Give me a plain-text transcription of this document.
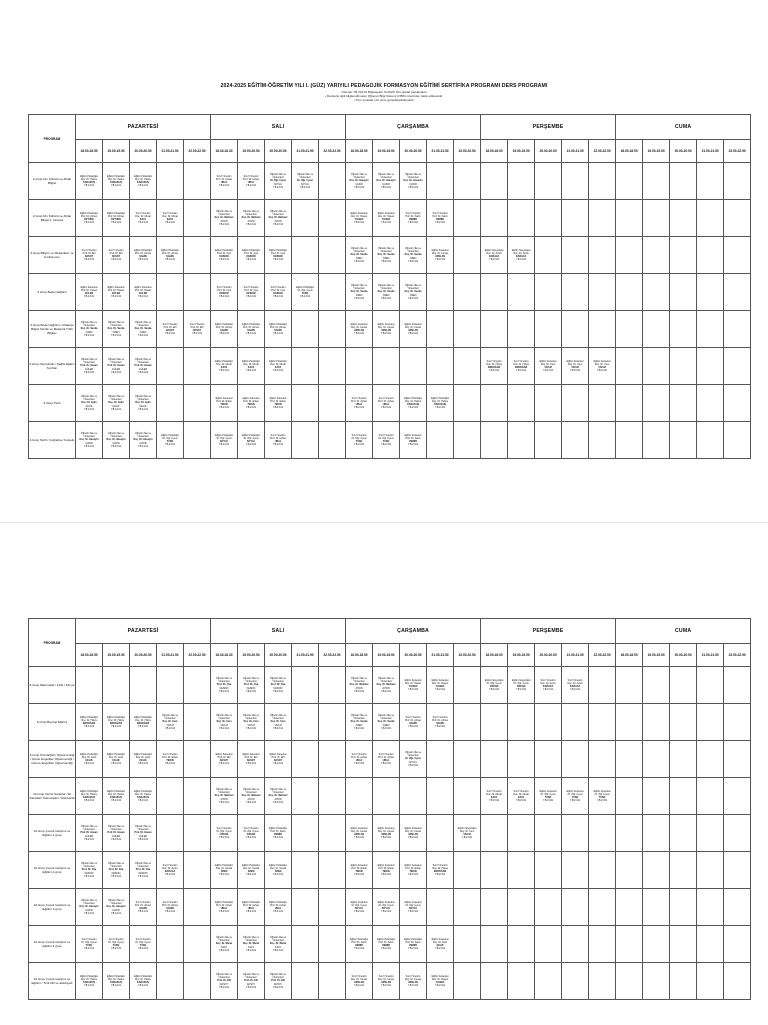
2024-2025 EĞİTİM-ÖĞRETİM YILI I. (GÜZ) YARIYILI PEDAGOJİK FORMASYON EĞİTİMİ SERTİFİKA PROGRAMI DERS PROGRAMI
• Dersler YB (5)101 Bilgisayarlı Sınıf/ZZ.101 olarak yapılacaktır.
• Derslerle ilgili bilgilendirmeler Öğrenci Bilgi Sistemi (OBS) üzerinden takip edilecektir.
• Tüm sınavlar yüz yüze gerçekleştirilecektir.
PROGRAM	PAZARTESİ					SALI					ÇARŞAMBA					PERŞEMBE					CUMA				
	18.00-18.50	19.00-19.50	20.00-20.50	21.00-21.50	22.00-22.50	18.30-18.30	19.00-19.50	20.00-20.50	21.00-21.50	22.00-22.50	18.00-18.50	19.00-19.50	20.00-20.50	21.00-21.50	22.00-22.50	18.00-18.50	19.00-19.50	20.00-20.50	21.00-21.50	22.00-22.50	18.00-18.50	19.00-19.50	20.00-20.50	21.00-21.50	22.00-22.50
2.Grup Din Kültürü ve Ahlak Bilgisi	Eğitim Psikolojisi
Doç. Dr. Hatice
KARAKUŞ
Y.B.Z.101	Eğitim Psikolojisi
Doç. Dr. Hatice
KARAKUŞ
Y.B.Z.101	Eğitim Psikolojisi
Doç. Dr. Hatice
KARAKUŞ
Y.B.Z.101			Sınıf Yönetimi
Prof. Dr. Ayhan
URAL
Y.B.Z.101	Sınıf Yönetimi
Prof. Dr. Ayhan
URAL
Y.B.Z.101	Öğretim İlke ve
Yöntemleri
Dr. Öğr. Üyesi
SOYLU
Y.B.Z.101	Öğretim İlke ve
Yöntemleri
Dr. Öğr. Üyesi
SOYLU
Y.B.Z.101		Öğretim İlke ve
Yöntemleri
Doç. Dr. Hüseyin
ÇAKIR
Y.B.Z.101	Öğretim İlke ve
Yöntemleri
Doç. Dr. Hüseyin
ÇAKIR
Y.B.Z.101	Öğretim İlke ve
Yöntemleri
Doç. Dr. Hüseyin
ÇAKIR
Y.B.Z.101												
2.Grup Din Kültürü ve Ahlak Bilgisi 1. Grupça	Eğitim Psikolojisi
Prof. Dr. Ahmet
ÖZTÜRK
Y.B.Z.101	Eğitim Psikolojisi
Prof. Dr. Ahmet
ÖZTÜRK
Y.B.Z.101	Sınıf Yönetimi
Doç. Dr. Murat
KAYA
Y.B.Z.101	Sınıf Yönetimi
Doç. Dr. Murat
KAYA
Y.B.Z.101		Öğretim İlke ve
Yöntemleri
Doç. Dr. Mehmet
AYDIN
Y.B.Z.101	Öğretim İlke ve
Yöntemleri
Doç. Dr. Mehmet
AYDIN
Y.B.Z.101	Öğretim İlke ve
Yöntemleri
Doç. Dr. Mehmet
AYDIN
Y.B.Z.101			Eğitim Felsefesi
Doç. Dr. Hasan
YILMAZ
Y.B.Z.101	Eğitim Felsefesi
Doç. Dr. Hasan
YILMAZ
Y.B.Z.101	Sınıf Yönetimi
Prof. Dr. Selim
DEMİR
Y.B.Z.101	Sınıf Yönetimi
Prof. Dr. Selim
DEMİR
Y.B.Z.101											

3.Grup Bilişim ve Mekanikler ve Fonksiyonu	Sınıf Yönetimi
Prof. Dr. Elif
AKSOY
Y.B.Z.101	Sınıf Yönetimi
Prof. Dr. Elif
AKSOY
Y.B.Z.101	Eğitim Psikolojisi
Prof. Dr. Ahmet
ŞAHİN
Y.B.Z.101	Eğitim Psikolojisi
Prof. Dr. Ahmet
ŞAHİN
Y.B.Z.101		Eğitim Psikolojisi
Prof. Dr. Oya
KESKİN
Y.B.Z.101	Eğitim Psikolojisi
Prof. Dr. Oya
KESKİN
Y.B.Z.101	Eğitim Psikolojisi
Prof. Dr. Oya
KESKİN
Y.B.Z.101			Öğretim İlke ve
Yöntemleri
Doç. Dr. Sevda
ÖZEN
Y.B.Z.101	Öğretim İlke ve
Yöntemleri
Doç. Dr. Sevda
ÖZEN
Y.B.Z.101	Öğretim İlke ve
Yöntemleri
Doç. Dr. Sevda
ÖZEN
Y.B.Z.101	Eğitim Felsefesi
Doç. Dr. Kenan
ARSLAN
Y.B.Z.101		Eğitim Sosyolojisi
Doç. Dr. Aydın
KARACA
Y.B.Z.101	Eğitim Sosyolojisi
Doç. Dr. Aydın
KARACA
Y.B.Z.101								

3.Grup Beden Eğitimi	Eğitim Felsefesi
Prof. Dr. Hasan
GÜLER
Y.B.Z.101	Eğitim Felsefesi
Prof. Dr. Hasan
GÜLER
Y.B.Z.101	Eğitim Felsefesi
Prof. Dr. Hasan
GÜLER
Y.B.Z.101			Sınıf Yönetimi
Prof. Dr. Oya
KESKİN
Y.B.Z.101	Sınıf Yönetimi
Prof. Dr. Oya
KESKİN
Y.B.Z.101	Sınıf Yönetimi
Prof. Dr. Oya
KESKİN
Y.B.Z.101	Eğitim Psikolojisi
Dr. Öğr. Üyesi
TUNÇ
Y.B.Z.101		Öğretim İlke ve
Yöntemleri
Doç. Dr. Sevda
ÖZEN
Y.B.Z.101	Öğretim İlke ve
Yöntemleri
Doç. Dr. Sevda
ÖZEN
Y.B.Z.101	Öğretim İlke ve
Yöntemleri
Doç. Dr. Sevda
ÖZEN
Y.B.Z.101												
3.Grup Beden Eğitimi / Ahlakiye Bilgisi Teknik ve Mekanik Tıbbi Bilgiler	Öğretim İlke ve
Yöntemleri
Doç. Dr. Sevda
ÖZEN
Y.B.Z.101	Öğretim İlke ve
Yöntemleri
Doç. Dr. Sevda
ÖZEN
Y.B.Z.101	Öğretim İlke ve
Yöntemleri
Doç. Dr. Sevda
ÖZEN
Y.B.Z.101	Sınıf Yönetimi
Prof. Dr. Elif
AKSOY
Y.B.Z.101	Sınıf Yönetimi
Prof. Dr. Elif
AKSOY
Y.B.Z.101	Eğitim Psikolojisi
Prof. Dr. Ahmet
ŞAHİN
Y.B.Z.101	Eğitim Psikolojisi
Prof. Dr. Ahmet
ŞAHİN
Y.B.Z.101	Eğitim Psikolojisi
Prof. Dr. Ahmet
ŞAHİN
Y.B.Z.101			Eğitim Felsefesi
Doç. Dr. Kenan
ARSLAN
Y.B.Z.101	Eğitim Felsefesi
Doç. Dr. Kenan
ARSLAN
Y.B.Z.101	Eğitim Felsefesi
Doç. Dr. Kenan
ARSLAN
Y.B.Z.101												

3.Grup Hemşirelik / Sağlık Eğitim Sınıfları	Öğretim İlke ve
Yöntemleri
Prof. Dr. Hasan
GÜLER
Y.B.Z.101	Öğretim İlke ve
Yöntemleri
Prof. Dr. Hasan
GÜLER
Y.B.Z.101	Öğretim İlke ve
Yöntemleri
Prof. Dr. Hasan
GÜLER
Y.B.Z.101			Eğitim Psikolojisi
Doç. Dr. Murat
KAYA
Y.B.Z.101	Eğitim Psikolojisi
Doç. Dr. Murat
KAYA
Y.B.Z.101	Eğitim Psikolojisi
Doç. Dr. Murat
KAYA
Y.B.Z.101								Sınıf Yönetimi
Doç. Dr. Hülya
ERDOĞAN
Y.B.Z.101	Sınıf Yönetimi
Doç. Dr. Hülya
ERDOĞAN
Y.B.Z.101	Eğitim Felsefesi
Doç. Dr. Cem
YAVUZ
Y.B.Z.101	Eğitim Felsefesi
Doç. Dr. Cem
YAVUZ
Y.B.Z.101	Eğitim Felsefesi
Doç. Dr. Cem
YAVUZ
Y.B.Z.101					

3.Grup Tarih	Öğretim İlke ve
Yöntemleri
Doç. Dr. Aylin
ÇELİK
Y.B.Z.101	Öğretim İlke ve
Yöntemleri
Doç. Dr. Aylin
ÇELİK
Y.B.Z.101	Öğretim İlke ve
Yöntemleri
Doç. Dr. Aylin
ÇELİK
Y.B.Z.101			Eğitim Felsefesi
Prof. Dr. Erkan
TEKİN
Y.B.Z.101	Eğitim Felsefesi
Prof. Dr. Erkan
TEKİN
Y.B.Z.101	Eğitim Felsefesi
Prof. Dr. Erkan
TEKİN
Y.B.Z.101			Sınıf Yönetimi
Prof. Dr. Ayhan
URAL
Y.B.Z.101	Sınıf Yönetimi
Prof. Dr. Ayhan
URAL
Y.B.Z.101	Eğitim Psikolojisi
Doç. Dr. Hatice
KARAKUŞ
Y.B.Z.101	Eğitim Psikolojisi
Doç. Dr. Hatice
KARAKUŞ
Y.B.Z.101											

4.Grup Tarih / Coğrafya / Felsefe	Öğretim İlke ve
Yöntemleri
Doç. Dr. Hüseyin
ÇAKIR
Y.B.Z.101	Öğretim İlke ve
Yöntemleri
Doç. Dr. Hüseyin
ÇAKIR
Y.B.Z.101	Öğretim İlke ve
Yöntemleri
Doç. Dr. Hüseyin
ÇAKIR
Y.B.Z.101	Eğitim Psikolojisi
Dr. Öğr. Üyesi
TUNÇ
Y.B.Z.101		Eğitim Psikolojisi
Dr. Öğr. Üyesi
SOYLU
Y.B.Z.101	Eğitim Psikolojisi
Dr. Öğr. Üyesi
SOYLU
Y.B.Z.101	Sınıf Yönetimi
Prof. Dr. Ayhan
URAL
Y.B.Z.101			Sınıf Yönetimi
Dr. Öğr. Üyesi
TUNÇ
Y.B.Z.101	Sınıf Yönetimi
Dr. Öğr. Üyesi
TUNÇ
Y.B.Z.101	Eğitim Felsefesi
Prof. Dr. Selim
DEMİR
Y.B.Z.101												

PROGRAM	PAZARTESİ					SALI					ÇARŞAMBA					PERŞEMBE					CUMA				
	18.00-18.50	19.00-19.50	20.00-20.50	21.00-21.50	22.00-22.50	18.30-18.30	19.00-19.50	20.00-20.50	21.00-21.50	22.00-22.50	18.00-18.50	19.00-19.50	20.00-20.50	21.00-21.50	22.00-22.50	18.00-18.50	19.00-19.50	20.00-20.50	21.00-21.50	22.00-22.50	18.00-18.50	19.00-19.50	20.00-20.50	21.00-21.50	22.00-22.50
5.Grup Matematik / Fizik / Kimya						Öğretim İlke ve
Yöntemleri
Prof. Dr. Oya
KESKİN
Y.B.Z.101	Öğretim İlke ve
Yöntemleri
Prof. Dr. Oya
KESKİN
Y.B.Z.101	Öğretim İlke ve
Yöntemleri
Prof. Dr. Oya
KESKİN
Y.B.Z.101			Öğretim İlke ve
Yöntemleri
Doç. Dr. Mehmet
AYDIN
Y.B.Z.101	Öğretim İlke ve
Yöntemleri
Doç. Dr. Mehmet
AYDIN
Y.B.Z.101	Eğitim Felsefesi
Doç. Dr. Hasan
YILMAZ
Y.B.Z.101	Eğitim Felsefesi
Doç. Dr. Hasan
YILMAZ
Y.B.Z.101		Eğitim Sosyolojisi
Dr. Öğr. Üyesi
ÖZKAN
Y.B.Z.101	Eğitim Sosyolojisi
Dr. Öğr. Üyesi
ÖZKAN
Y.B.Z.101	Sınıf Yönetimi
Doç. Dr. Aydın
KARACA
Y.B.Z.101	Sınıf Yönetimi
Doç. Dr. Aydın
KARACA
Y.B.Z.101						

6.Grup Biyoloji Eğitimi	Eğitim Psikolojisi
Doç. Dr. Hülya
ERDOĞAN
Y.B.Z.101	Eğitim Psikolojisi
Doç. Dr. Hülya
ERDOĞAN
Y.B.Z.101	Eğitim Psikolojisi
Doç. Dr. Hülya
ERDOĞAN
Y.B.Z.101	Öğretim İlke ve
Yöntemleri
Doç. Dr. Cem
YAVUZ
Y.B.Z.101		Öğretim İlke ve
Yöntemleri
Doç. Dr. Cem
YAVUZ
Y.B.Z.101	Öğretim İlke ve
Yöntemleri
Doç. Dr. Cem
YAVUZ
Y.B.Z.101	Öğretim İlke ve
Yöntemleri
Doç. Dr. Cem
YAVUZ
Y.B.Z.101			Öğretim İlke ve
Yöntemleri
Doç. Dr. Sevda
ÖZEN
Y.B.Z.101	Öğretim İlke ve
Yöntemleri
Doç. Dr. Sevda
ÖZEN
Y.B.Z.101	Sınıf Yönetimi
Prof. Dr. Ahmet
ŞAHİN
Y.B.Z.101	Sınıf Yönetimi
Prof. Dr. Ahmet
ŞAHİN
Y.B.Z.101											

6.Grup Özel Eğitim Öğretmenliği / İşitme Engelliler Öğretmenliği / Görme Engelliler Öğretmenliği	Eğitim Psikolojisi
Doç. Dr. Aylin
ÇELİK
Y.B.Z.101	Eğitim Psikolojisi
Doç. Dr. Aylin
ÇELİK
Y.B.Z.101	Eğitim Psikolojisi
Doç. Dr. Aylin
ÇELİK
Y.B.Z.101	Sınıf Yönetimi
Prof. Dr. Erkan
TEKİN
Y.B.Z.101		Eğitim Felsefesi
Prof. Dr. Elif
AKSOY
Y.B.Z.101	Eğitim Felsefesi
Prof. Dr. Elif
AKSOY
Y.B.Z.101	Eğitim Felsefesi
Prof. Dr. Elif
AKSOY
Y.B.Z.101			Sınıf Yönetimi
Prof. Dr. Ayhan
URAL
Y.B.Z.101	Sınıf Yönetimi
Prof. Dr. Ayhan
URAL
Y.B.Z.101	Öğretim İlke ve
Yöntemleri
Dr. Öğr. Üyesi
SOYLU
Y.B.Z.101												
10.Grup Güzel Sanatlar / El Sanatları Teknolojileri / Rehberlik	Eğitim Psikolojisi
Doç. Dr. Hatice
KARAKUŞ
Y.B.Z.101	Eğitim Psikolojisi
Doç. Dr. Hatice
KARAKUŞ
Y.B.Z.101	Eğitim Psikolojisi
Doç. Dr. Hatice
KARAKUŞ
Y.B.Z.101			Öğretim İlke ve
Yöntemleri
Doç. Dr. Mehmet
AYDIN
Y.B.Z.101	Öğretim İlke ve
Yöntemleri
Doç. Dr. Mehmet
AYDIN
Y.B.Z.101	Öğretim İlke ve
Yöntemleri
Doç. Dr. Mehmet
AYDIN
Y.B.Z.101								Sınıf Yönetimi
Doç. Dr. Murat
KAYA
Y.B.Z.101	Sınıf Yönetimi
Doç. Dr. Murat
KAYA
Y.B.Z.101	Eğitim Felsefesi
Dr. Öğr. Üyesi
TUNÇ
Y.B.Z.101	Eğitim Felsefesi
Dr. Öğr. Üyesi
TUNÇ
Y.B.Z.101	Eğitim Felsefesi
Dr. Öğr. Üyesi
TUNÇ
Y.B.Z.101					

10.Grup Çocuk Gelişimi ve Eğitimi 1.grup	Öğretim İlke ve
Yöntemleri
Prof. Dr. Hasan
GÜLER
Y.B.Z.101	Öğretim İlke ve
Yöntemleri
Prof. Dr. Hasan
GÜLER
Y.B.Z.101	Öğretim İlke ve
Yöntemleri
Prof. Dr. Hasan
GÜLER
Y.B.Z.101			Sınıf Yönetimi
Dr. Öğr. Üyesi
ÖZKAN
Y.B.Z.101	Sınıf Yönetimi
Dr. Öğr. Üyesi
ÖZKAN
Y.B.Z.101	Eğitim Psikolojisi
Prof. Dr. Selim
DEMİR
Y.B.Z.101			Eğitim Felsefesi
Doç. Dr. Kenan
ARSLAN
Y.B.Z.101	Eğitim Felsefesi
Doç. Dr. Kenan
ARSLAN
Y.B.Z.101	Eğitim Felsefesi
Doç. Dr. Kenan
ARSLAN
Y.B.Z.101		Eğitim Sosyolojisi
Doç. Dr. Cem
YAVUZ
Y.B.Z.101										

10.Grup Çocuk Gelişimi ve Eğitimi 2.grup	Öğretim İlke ve
Yöntemleri
Prof. Dr. Oya
KESKİN
Y.B.Z.101	Öğretim İlke ve
Yöntemleri
Prof. Dr. Oya
KESKİN
Y.B.Z.101	Öğretim İlke ve
Yöntemleri
Prof. Dr. Oya
KESKİN
Y.B.Z.101	Sınıf Yönetimi
Doç. Dr. Aydın
KARACA
Y.B.Z.101		Eğitim Psikolojisi
Doç. Dr. Sevda
ÖZEN
Y.B.Z.101	Eğitim Psikolojisi
Doç. Dr. Sevda
ÖZEN
Y.B.Z.101	Eğitim Psikolojisi
Doç. Dr. Sevda
ÖZEN
Y.B.Z.101			Eğitim Felsefesi
Prof. Dr. Erkan
TEKİN
Y.B.Z.101	Eğitim Felsefesi
Prof. Dr. Erkan
TEKİN
Y.B.Z.101	Eğitim Felsefesi
Prof. Dr. Erkan
TEKİN
Y.B.Z.101	Sınıf Yönetimi
Doç. Dr. Hülya
ERDOĞAN
Y.B.Z.101											

10.Grup Çocuk Gelişimi ve Eğitimi 3.grup	Öğretim İlke ve
Yöntemleri
Doç. Dr. Hüseyin
ÇAKIR
Y.B.Z.101	Öğretim İlke ve
Yöntemleri
Doç. Dr. Hüseyin
ÇAKIR
Y.B.Z.101	Sınıf Yönetimi
Prof. Dr. Ahmet
ŞAHİN
Y.B.Z.101	Sınıf Yönetimi
Prof. Dr. Ahmet
ŞAHİN
Y.B.Z.101		Eğitim Psikolojisi
Prof. Dr. Ayhan
URAL
Y.B.Z.101	Eğitim Psikolojisi
Prof. Dr. Ayhan
URAL
Y.B.Z.101	Eğitim Psikolojisi
Prof. Dr. Ayhan
URAL
Y.B.Z.101			Eğitim Felsefesi
Dr. Öğr. Üyesi
SOYLU
Y.B.Z.101	Eğitim Felsefesi
Dr. Öğr. Üyesi
SOYLU
Y.B.Z.101	Eğitim Felsefesi
Dr. Öğr. Üyesi
SOYLU
Y.B.Z.101												

10.Grup Çocuk Gelişimi ve Eğitimi 4.grup	Sınıf Yönetimi
Dr. Öğr. Üyesi
TUNÇ
Y.B.Z.101	Sınıf Yönetimi
Dr. Öğr. Üyesi
TUNÇ
Y.B.Z.101	Sınıf Yönetimi
Dr. Öğr. Üyesi
TUNÇ
Y.B.Z.101			Öğretim İlke ve
Yöntemleri
Doç. Dr. Murat
KAYA
Y.B.Z.101	Öğretim İlke ve
Yöntemleri
Doç. Dr. Murat
KAYA
Y.B.Z.101	Öğretim İlke ve
Yöntemleri
Doç. Dr. Murat
KAYA
Y.B.Z.101			Eğitim Psikolojisi
Prof. Dr. Selim
DEMİR
Y.B.Z.101	Eğitim Psikolojisi
Prof. Dr. Selim
DEMİR
Y.B.Z.101	Eğitim Psikolojisi
Prof. Dr. Selim
DEMİR
Y.B.Z.101	Eğitim Felsefesi
Doç. Dr. Aylin
ÇELİK
Y.B.Z.101											

10.Grup Çocuk Gelişimi ve Eğitimi / Türk Dili ve Edebiyatı	Eğitim Psikolojisi
Doç. Dr. Hatice
KARAKUŞ
Y.B.Z.101	Eğitim Psikolojisi
Doç. Dr. Hatice
KARAKUŞ
Y.B.Z.101	Eğitim Psikolojisi
Doç. Dr. Hatice
KARAKUŞ
Y.B.Z.101			Öğretim İlke ve
Yöntemleri
Prof. Dr. Elif
AKSOY
Y.B.Z.101	Öğretim İlke ve
Yöntemleri
Prof. Dr. Elif
AKSOY
Y.B.Z.101	Öğretim İlke ve
Yöntemleri
Prof. Dr. Elif
AKSOY
Y.B.Z.101			Sınıf Yönetimi
Doç. Dr. Kenan
ARSLAN
Y.B.Z.101	Sınıf Yönetimi
Doç. Dr. Kenan
ARSLAN
Y.B.Z.101	Sınıf Yönetimi
Doç. Dr. Kenan
ARSLAN
Y.B.Z.101	Eğitim Felsefesi
Doç. Dr. Hasan
YILMAZ
Y.B.Z.101											
